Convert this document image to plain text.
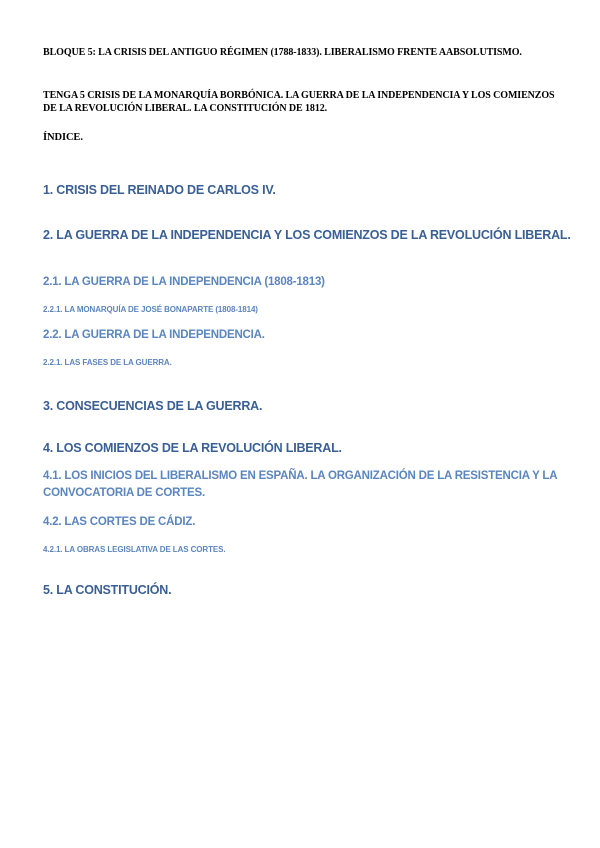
BLOQUE 5: LA CRISIS DEL ANTIGUO RÉGIMEN (1788-1833). LIBERALISMO FRENTE AABSOLUTISMO.
TENGA 5 CRISIS DE LA MONARQUÍA BORBÓNICA. LA GUERRA DE LA INDEPENDENCIA Y LOS COMIENZOS DE LA REVOLUCIÓN LIBERAL. LA CONSTITUCIÓN DE 1812.
ÍNDICE.
1. CRISIS DEL REINADO DE CARLOS IV.
2. LA GUERRA DE LA INDEPENDENCIA Y LOS COMIENZOS DE LA REVOLUCIÓN LIBERAL.
2.1. LA GUERRA DE LA INDEPENDENCIA (1808-1813)
2.2.1. LA MONARQUÍA DE JOSÉ BONAPARTE (1808-1814)
2.2. LA GUERRA DE LA INDEPENDENCIA.
2.2.1. LAS FASES DE LA GUERRA.
3. CONSECUENCIAS DE LA GUERRA.
4. LOS COMIENZOS DE LA REVOLUCIÓN LIBERAL.
4.1. LOS INICIOS DEL LIBERALISMO EN ESPAÑA. LA ORGANIZACIÓN DE LA RESISTENCIA Y LA CONVOCATORIA DE CORTES.
4.2. LAS CORTES DE CÁDIZ.
4.2.1. LA OBRAS LEGISLATIVA DE LAS CORTES.
5. LA CONSTITUCIÓN.
